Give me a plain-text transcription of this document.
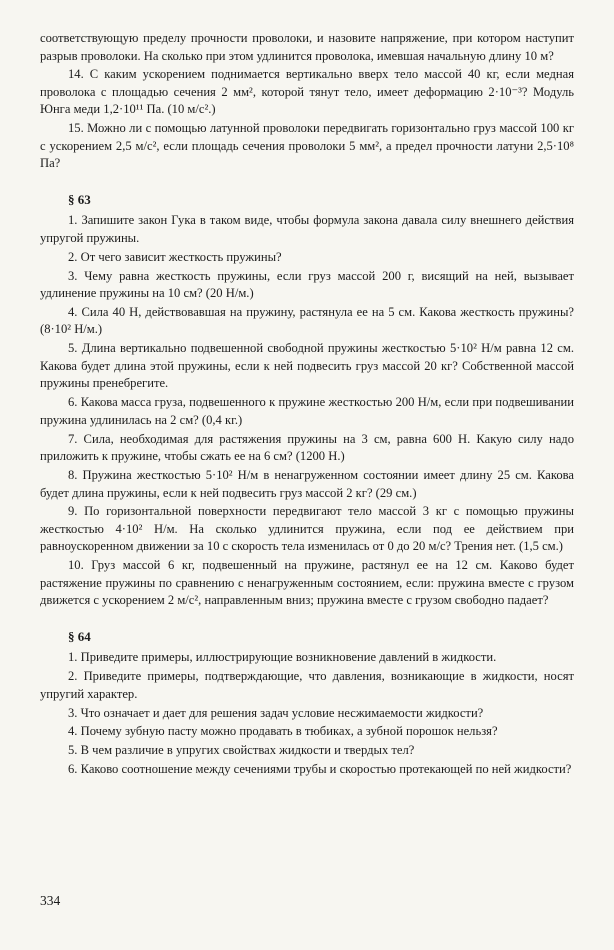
соответствующую пределу прочности проволоки, и назовите напряжение, при котором наступит разрыв проволоки. На сколько при этом удлинится проволока, имевшая начальную длину 10 м?

14. С каким ускорением поднимается вертикально вверх тело массой 40 кг, если медная проволока с площадью сечения 2 мм², которой тянут тело, имеет деформацию 2·10⁻³? Модуль Юнга меди 1,2·10¹¹ Па. (10 м/с².)

15. Можно ли с помощью латунной проволоки передвигать горизонтально груз массой 100 кг с ускорением 2,5 м/с², если площадь сечения проволоки 5 мм², а предел прочности латуни 2,5·10⁸ Па?

§ 63

1. Запишите закон Гука в таком виде, чтобы формула закона давала силу внешнего действия упругой пружины.

2. От чего зависит жесткость пружины?

3. Чему равна жесткость пружины, если груз массой 200 г, висящий на ней, вызывает удлинение пружины на 10 см? (20 Н/м.)

4. Сила 40 Н, действовавшая на пружину, растянула ее на 5 см. Какова жесткость пружины? (8·10² Н/м.)

5. Длина вертикально подвешенной свободной пружины жесткостью 5·10² Н/м равна 12 см. Какова будет длина этой пружины, если к ней подвесить груз массой 20 кг? Собственной массой пружины пренебрегите.

6. Какова масса груза, подвешенного к пружине жесткостью 200 Н/м, если при подвешивании пружина удлинилась на 2 см? (0,4 кг.)

7. Сила, необходимая для растяжения пружины на 3 см, равна 600 Н. Какую силу надо приложить к пружине, чтобы сжать ее на 6 см? (1200 Н.)

8. Пружина жесткостью 5·10² Н/м в ненагруженном состоянии имеет длину 25 см. Какова будет длина пружины, если к ней подвесить груз массой 2 кг? (29 см.)

9. По горизонтальной поверхности передвигают тело массой 3 кг с помощью пружины жесткостью 4·10² Н/м. На сколько удлинится пружина, если под ее действием при равноускоренном движении за 10 с скорость тела изменилась от 0 до 20 м/с? Трения нет. (1,5 см.)

10. Груз массой 6 кг, подвешенный на пружине, растянул ее на 12 см. Каково будет растяжение пружины по сравнению с ненагруженным состоянием, если: пружина вместе с грузом движется с ускорением 2 м/с², направленным вниз; пружина вместе с грузом свободно падает?

§ 64

1. Приведите примеры, иллюстрирующие возникновение давлений в жидкости.

2. Приведите примеры, подтверждающие, что давления, возникающие в жидкости, носят упругий характер.

3. Что означает и дает для решения задач условие несжимаемости жидкости?

4. Почему зубную пасту можно продавать в тюбиках, а зубной порошок нельзя?

5. В чем различие в упругих свойствах жидкости и твердых тел?

6. Каково соотношение между сечениями трубы и скоростью протекающей по ней жидкости?

334
